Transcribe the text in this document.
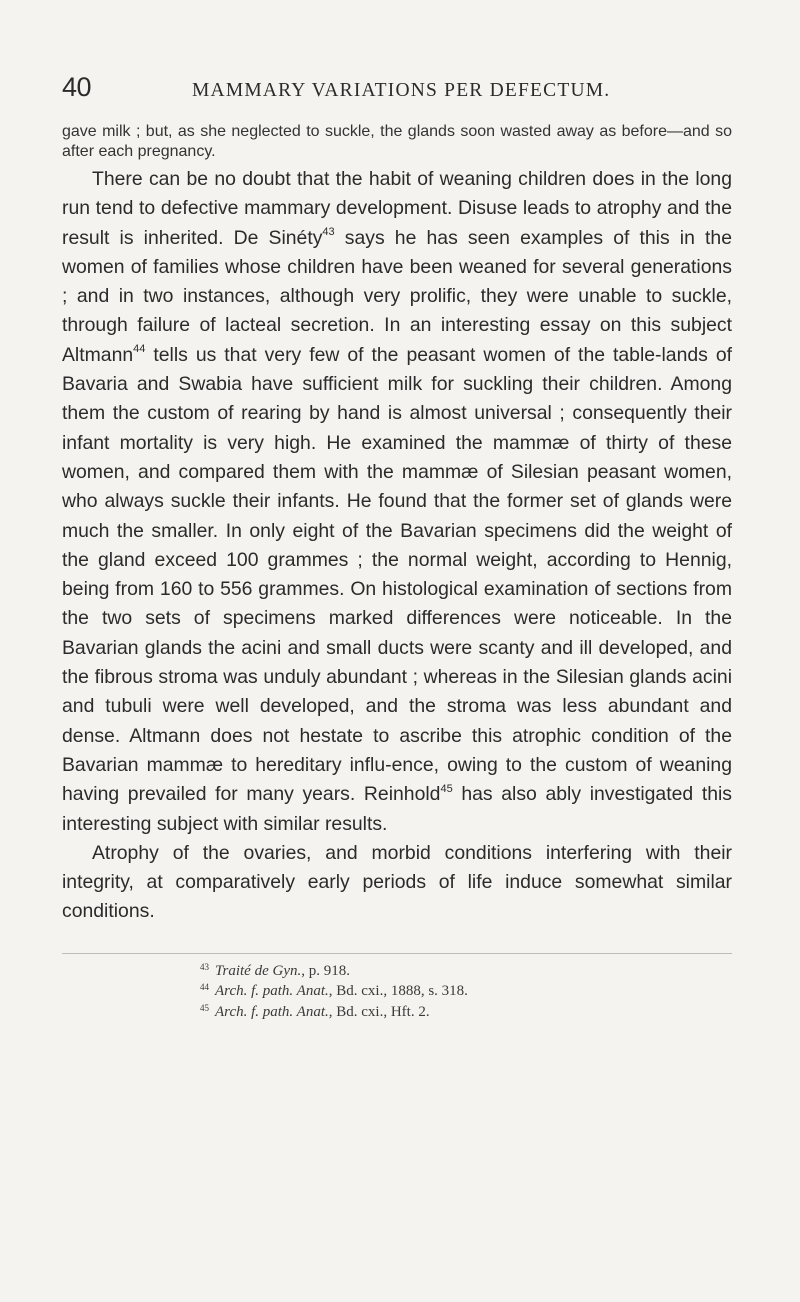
40	MAMMARY VARIATIONS PER DEFECTUM.
gave milk ; but, as she neglected to suckle, the glands soon wasted away as before—and so after each pregnancy.

There can be no doubt that the habit of weaning children does in the long run tend to defective mammary development. Disuse leads to atrophy and the result is inherited. De Sinéty$^{43}$ says he has seen examples of this in the women of families whose children have been weaned for several generations ; and in two instances, although very prolific, they were unable to suckle, through failure of lacteal secretion. In an interesting essay on this subject Altmann$^{44}$ tells us that very few of the peasant women of the table-lands of Bavaria and Swabia have sufficient milk for suckling their children. Among them the custom of rearing by hand is almost universal ; consequently their infant mortality is very high. He examined the mammæ of thirty of these women, and compared them with the mammæ of Silesian peasant women, who always suckle their infants. He found that the former set of glands were much the smaller. In only eight of the Bavarian specimens did the weight of the gland exceed 100 grammes ; the normal weight, according to Hennig, being from 160 to 556 grammes. On histological examination of sections from the two sets of specimens marked differences were noticeable. In the Bavarian glands the acini and small ducts were scanty and ill developed, and the fibrous stroma was unduly abundant ; whereas in the Silesian glands acini and tubuli were well developed, and the stroma was less abundant and dense. Altmann does not hestate to ascribe this atrophic condition of the Bavarian mammæ to hereditary influ-ence, owing to the custom of weaning having prevailed for many years. Reinhold$^{45}$ has also ably investigated this interesting subject with similar results.

Atrophy of the ovaries, and morbid conditions interfering with their integrity, at comparatively early periods of life induce somewhat similar conditions.

$^{43}$ Traité de Gyn., p. 918.
$^{44}$ Arch. f. path. Anat., Bd. cxi., 1888, s. 318.
$^{45}$ Arch. f. path. Anat., Bd. cxi., Hft. 2.
